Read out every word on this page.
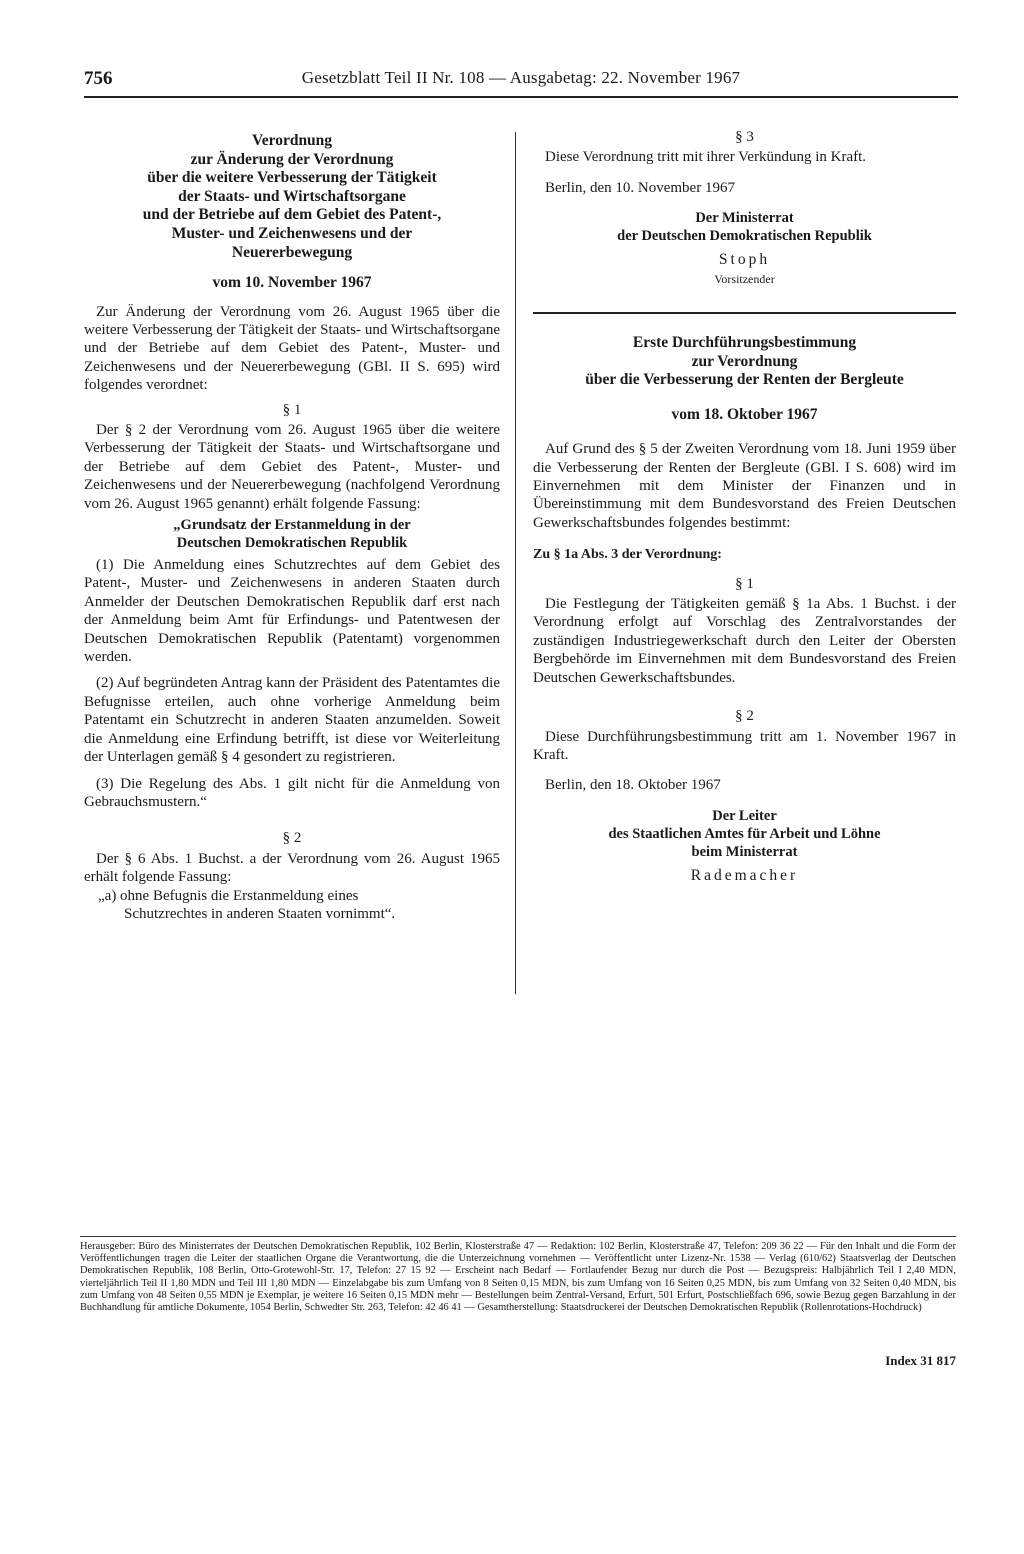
756	Gesetzblatt Teil II Nr. 108 — Ausgabetag: 22. November 1967
Verordnung
zur Änderung der Verordnung
über die weitere Verbesserung der Tätigkeit
der Staats- und Wirtschaftsorgane
und der Betriebe auf dem Gebiet des Patent-,
Muster- und Zeichenwesens und der
Neuererbewegung
vom 10. November 1967

Zur Änderung der Verordnung vom 26. August 1965 über die weitere Verbesserung der Tätigkeit der Staats- und Wirtschaftsorgane und der Betriebe auf dem Gebiet des Patent-, Muster- und Zeichenwesens und der Neuererbewegung (GBl. II S. 695) wird folgendes verordnet:

§ 1

Der § 2 der Verordnung vom 26. August 1965 über die weitere Verbesserung der Tätigkeit der Staats- und Wirtschaftsorgane und der Betriebe auf dem Gebiet des Patent-, Muster- und Zeichenwesens und der Neuererbewegung (nachfolgend Verordnung vom 26. August 1965 genannt) erhält folgende Fassung:

„Grundsatz der Erstanmeldung in der
Deutschen Demokratischen Republik

(1) Die Anmeldung eines Schutzrechtes auf dem Gebiet des Patent-, Muster- und Zeichenwesens in anderen Staaten durch Anmelder der Deutschen Demokratischen Republik darf erst nach der Anmeldung beim Amt für Erfindungs- und Patentwesen der Deutschen Demokratischen Republik (Patentamt) vorgenommen werden.

(2) Auf begründeten Antrag kann der Präsident des Patentamtes die Befugnisse erteilen, auch ohne vorherige Anmeldung beim Patentamt ein Schutzrecht in anderen Staaten anzumelden. Soweit die Anmeldung eine Erfindung betrifft, ist diese vor Weiterleitung der Unterlagen gemäß § 4 gesondert zu registrieren.

(3) Die Regelung des Abs. 1 gilt nicht für die Anmeldung von Gebrauchsmustern.“

§ 2

Der § 6 Abs. 1 Buchst. a der Verordnung vom 26. August 1965 erhält folgende Fassung:

„a) ohne Befugnis die Erstanmeldung eines
Schutzrechtes in anderen Staaten vornimmt“.
§ 3

Diese Verordnung tritt mit ihrer Verkündung in Kraft.

Berlin, den 10. November 1967

Der Ministerrat
der Deutschen Demokratischen Republik
Stoph
Vorsitzender
Erste Durchführungsbestimmung
zur Verordnung
über die Verbesserung der Renten der Bergleute
vom 18. Oktober 1967

Auf Grund des § 5 der Zweiten Verordnung vom 18. Juni 1959 über die Verbesserung der Renten der Bergleute (GBl. I S. 608) wird im Einvernehmen mit dem Minister der Finanzen und in Übereinstimmung mit dem Bundesvorstand des Freien Deutschen Gewerkschaftsbundes folgendes bestimmt:

Zu § 1a Abs. 3 der Verordnung:
§ 1

Die Festlegung der Tätigkeiten gemäß § 1a Abs. 1 Buchst. i der Verordnung erfolgt auf Vorschlag des Zentralvorstandes der zuständigen Industriegewerkschaft durch den Leiter der Obersten Bergbehörde im Einvernehmen mit dem Bundesvorstand des Freien Deutschen Gewerkschaftsbundes.

§ 2

Diese Durchführungsbestimmung tritt am 1. November 1967 in Kraft.

Berlin, den 18. Oktober 1967

Der Leiter
des Staatlichen Amtes für Arbeit und Löhne
beim Ministerrat
Rademacher
Herausgeber: Büro des Ministerrates der Deutschen Demokratischen Republik, 102 Berlin, Klosterstraße 47 — Redaktion: 102 Berlin, Klosterstraße 47, Telefon: 209 36 22 — Für den Inhalt und die Form der Veröffentlichungen tragen die Leiter der staatlichen Organe die Verantwortung, die die Unterzeichnung vornehmen — Veröffentlicht unter Lizenz-Nr. 1538 — Verlag (610/62) Staatsverlag der Deutschen Demokratischen Republik, 108 Berlin, Otto-Grotewohl-Str. 17, Telefon: 27 15 92 — Erscheint nach Bedarf — Fortlaufender Bezug nur durch die Post — Bezugspreis: Halbjährlich Teil I 2,40 MDN, vierteljährlich Teil II 1,80 MDN und Teil III 1,80 MDN — Einzelabgabe bis zum Umfang von 8 Seiten 0,15 MDN, bis zum Umfang von 16 Seiten 0,25 MDN, bis zum Umfang von 32 Seiten 0,40 MDN, bis zum Umfang von 48 Seiten 0,55 MDN je Exemplar, je weitere 16 Seiten 0,15 MDN mehr — Bestellungen beim Zentral-Versand, Erfurt, 501 Erfurt, Postschließfach 696, sowie Bezug gegen Barzahlung in der Buchhandlung für amtliche Dokumente, 1054 Berlin, Schwedter Str. 263, Telefon: 42 46 41 — Gesamtherstellung: Staatsdruckerei der Deutschen Demokratischen Republik (Rollenrotations-Hochdruck)
Index 31 817
